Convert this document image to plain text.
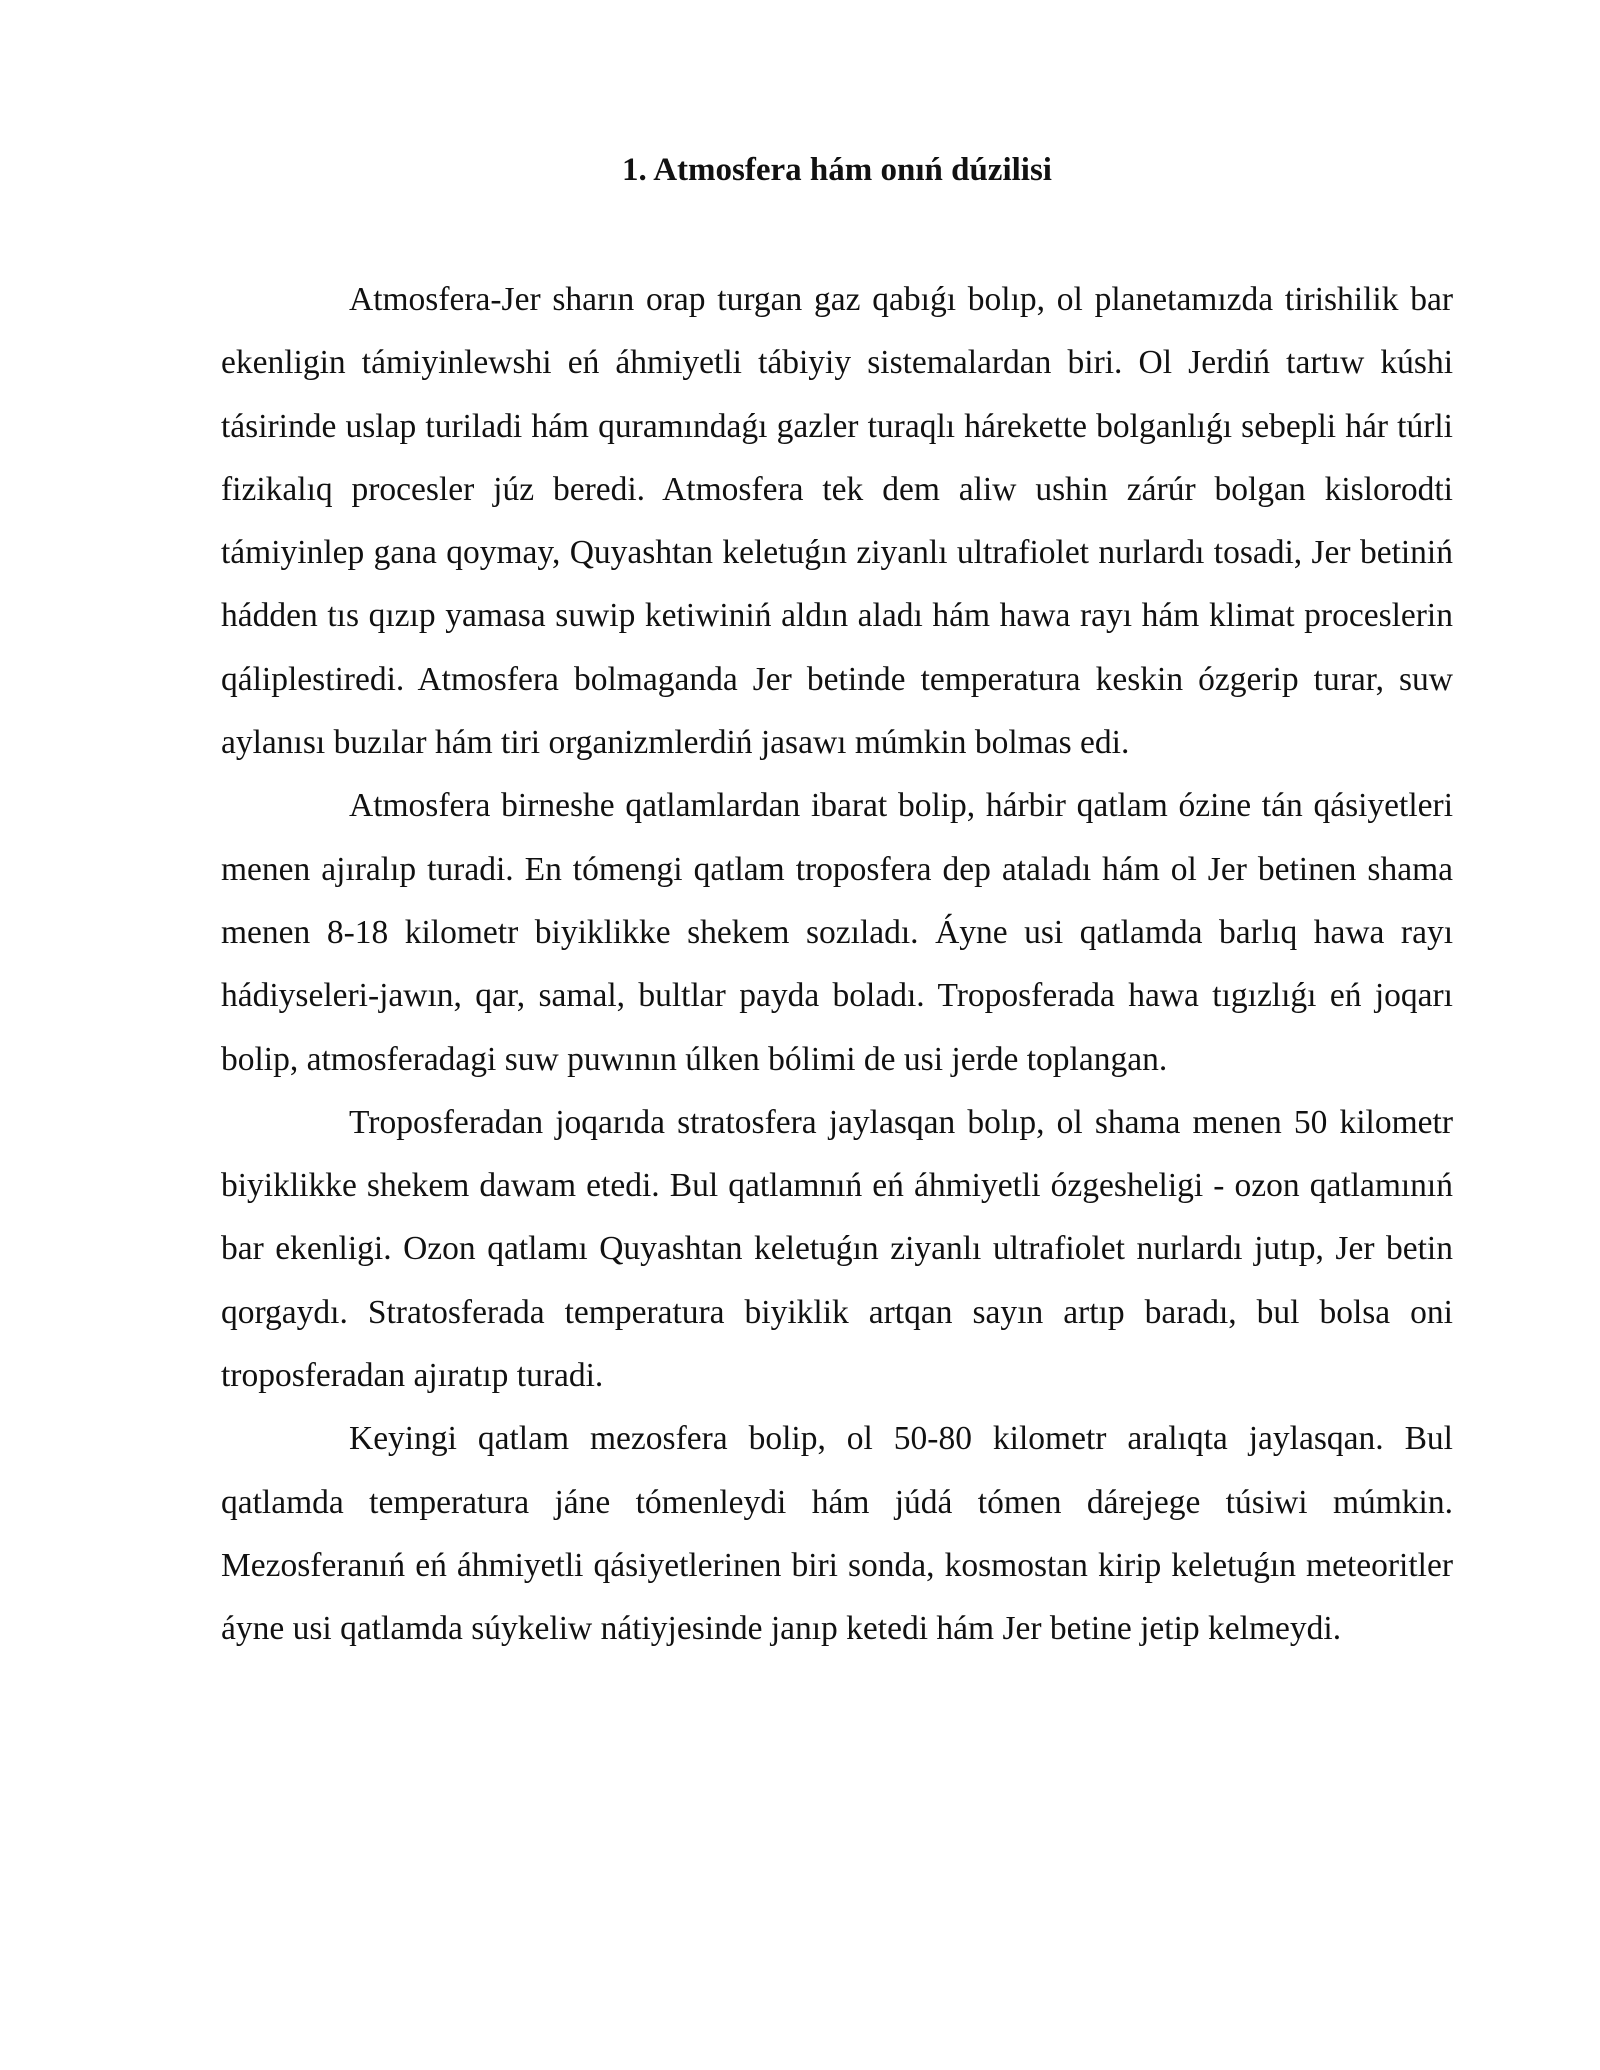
1. Atmosfera hám onıń dúzilisi

Atmosfera-Jer sharın orap turgan gaz qabıǵı bolıp, ol planetamızda tirishilik bar ekenligin támiyinlewshi eń áhmiyetli tábiyiy sistemalardan biri. Ol Jerdiń tartıw kúshi tásirinde uslap turiladi hám quramındaǵı gazler turaqlı hárekette bolganlıǵı sebepli hár túrli fizikalıq procesler júz beredi. Atmosfera tek dem aliw ushin zárúr bolgan kislorodti támiyinlep gana qoymay, Quyashtan keletuǵın ziyanlı ultrafiolet nurlardı tosadi, Jer betiniń hádden tıs qızıp yamasa suwip ketiwiniń aldın aladı hám hawa rayı hám klimat proceslerin qáliplestiredi. Atmosfera bolmaganda Jer betinde temperatura keskin ózgerip turar, suw aylanısı buzılar hám tiri organizmlerdiń jasawı múmkin bolmas edi.

Atmosfera birneshe qatlamlardan ibarat bolip, hárbir qatlam ózine tán qásiyetleri menen ajıralıp turadi. En tómengi qatlam troposfera dep ataladı hám ol Jer betinen shama menen 8-18 kilometr biyiklikke shekem sozıladı. Áyne usi qatlamda barlıq hawa rayı hádiyseleri-jawın, qar, samal, bultlar payda boladı. Troposferada hawa tıgızlıǵı eń joqarı bolip, atmosferadagi suw puwının úlken bólimi de usi jerde toplangan.

Troposferadan joqarıda stratosfera jaylasqan bolıp, ol shama menen 50 kilometr biyiklikke shekem dawam etedi. Bul qatlamnıń eń áhmiyetli ózgesheligi - ozon qatlamınıń bar ekenligi. Ozon qatlamı Quyashtan keletuǵın ziyanlı ultrafiolet nurlardı jutıp, Jer betin qorgaydı. Stratosferada temperatura biyiklik artqan sayın artıp baradı, bul bolsa oni troposferadan ajıratıp turadi.

Keyingi qatlam mezosfera bolip, ol 50-80 kilometr aralıqta jaylasqan. Bul qatlamda temperatura jáne tómenleydi hám júdá tómen dárejege túsiwi múmkin. Mezosferanıń eń áhmiyetli qásiyetlerinen biri sonda, kosmostan kirip keletuǵın meteoritler áyne usi qatlamda súykeliw nátiyjesinde janıp ketedi hám Jer betine jetip kelmeydi.
